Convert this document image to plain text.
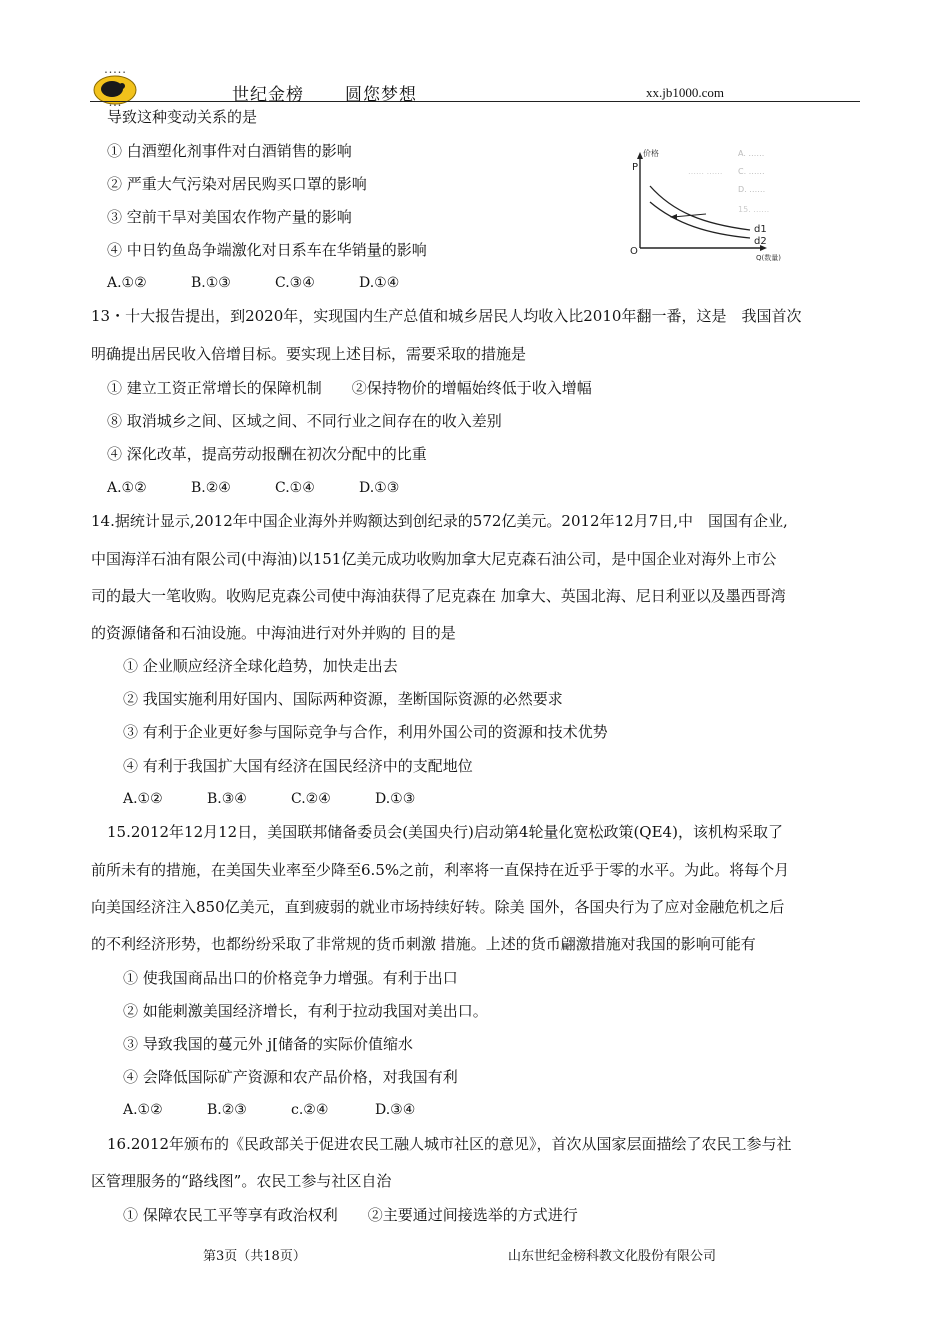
• • • • •
• • •
世纪金榜 圆您梦想	xx.jb1000.com
导致这种变动关系的是
① 白酒塑化剂事件对白酒销售的影响
② 严重大气污染对居民购买口罩的影响
③ 空前干旱对美国农作物产量的影响
④ 中日钓鱼岛争端激化对日系车在华销量的影响
A.①②	B.①③	C.③④	D.①④
价格
P
O
Q(数量)
d1
d2
A. ……
…… …… C. ……
D. ……
15. ……
13・十大报告提出，到2020年，实现国内生产总值和城乡居民人均收入比2010年翻一番，这是　我国首次
明确提出居民收入倍增目标。要实现上述目标，需要采取的措施是
① 建立工资正常增长的保障机制　　②保持物价的增幅始终低于收入增幅
⑧ 取消城乡之间、区域之间、不同行业之间存在的收入差别
④ 深化改革，提高劳动报酬在初次分配中的比重
A.①②	B.②④	C.①④	D.①③
14.据统计显示,2012年中国企业海外并购额达到创纪录的572亿美元。2012年12月7日,中　国国有企业,
中国海洋石油有限公司(中海油)以151亿美元成功收购加拿大尼克森石油公司，是中国企业对海外上市公
司的最大一笔收购。收购尼克森公司使中海油获得了尼克森在 加拿大、英国北海、尼日利亚以及墨西哥湾
的资源储备和石油设施。中海油进行对外并购的 目的是
① 企业顺应经济全球化趋势，加快走出去
② 我国实施利用好国内、国际两种资源，垄断国际资源的必然要求
③ 有利于企业更好参与国际竞争与合作，利用外国公司的资源和技术优势
④ 有利于我国扩大国有经济在国民经济中的支配地位
A.①②	B.③④	C.②④	D.①③
15.2012年12月12日，美国联邦储备委员会(美国央行)启动第4轮量化宽松政策(QE4)，该机构采取了
前所未有的措施，在美国失业率至少降至6.5%之前，利率将一直保持在近乎于零的水平。为此。将每个月
向美国经济注入850亿美元，直到疲弱的就业市场持续好转。除美 国外，各国央行为了应对金融危机之后
的不利经济形势，也都纷纷采取了非常规的货币刺激 措施。上述的货币翩激措施对我国的影响可能有
① 使我国商品出口的价格竞争力增强。有利于出口
② 如能刺激美国经济增长，有利于拉动我国对美出口。
③ 导致我国的蔓元外 j[储备的实际价值缩水
④ 会降低国际矿产资源和农产品价格，对我国有利
A.①②	B.②③	c.②④	D.③④
16.2012年颁布的《民政部关于促进农民工融人城市社区的意见》，首次从国家层面描绘了农民工参与社
区管理服务的“路线图”。农民工参与社区自治
① 保障农民工平等享有政治权利　　②主要通过间接选举的方式进行
第3页（共18页）	山东世纪金榜科教文化股份有限公司
